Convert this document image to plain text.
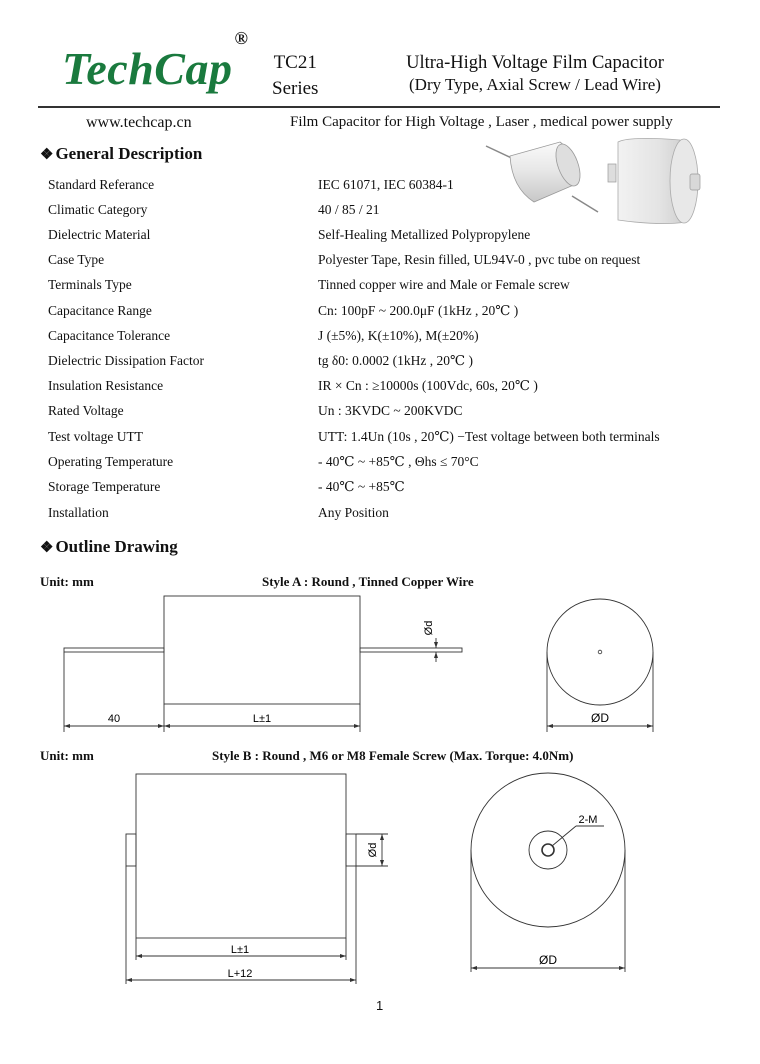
TechCap®
TC21
Series
Ultra-High Voltage Film Capacitor
(Dry Type, Axial Screw / Lead Wire)
www.techcap.cn	Film Capacitor for High Voltage , Laser , medical power supply
❖ General Description
Standard Referance	IEC 61071, IEC 60384-1
Climatic Category	40 / 85 / 21
Dielectric Material	Self-Healing Metallized Polypropylene
Case Type	Polyester Tape, Resin filled, UL94V-0 , pvc tube on request
Terminals Type	Tinned copper wire and Male or Female screw
Capacitance Range	Cn: 100pF ~ 200.0μF (1kHz , 20℃ )
Capacitance Tolerance	J (±5%), K(±10%), M(±20%)
Dielectric Dissipation Factor	tg δ0: 0.0002 (1kHz , 20℃ )
Insulation Resistance	IR × Cn : ≥10000s (100Vdc, 60s, 20℃ )
Rated Voltage	Un : 3KVDC ~ 200KVDC
Test voltage UTT	UTT: 1.4Un (10s , 20℃) −Test voltage between both terminals
Operating Temperature	- 40℃ ~ +85℃ , Θhs ≤ 70°C
Storage Temperature	- 40℃ ~ +85℃
Installation	Any Position
❖ Outline Drawing
Unit: mm	Style A : Round , Tinned Copper Wire
40	L±1
Ød
ØD
Unit: mm	Style B : Round , M6 or M8 Female Screw (Max. Torque: 4.0Nm)
L±1
L+12
Ød
2-M
ØD
1
